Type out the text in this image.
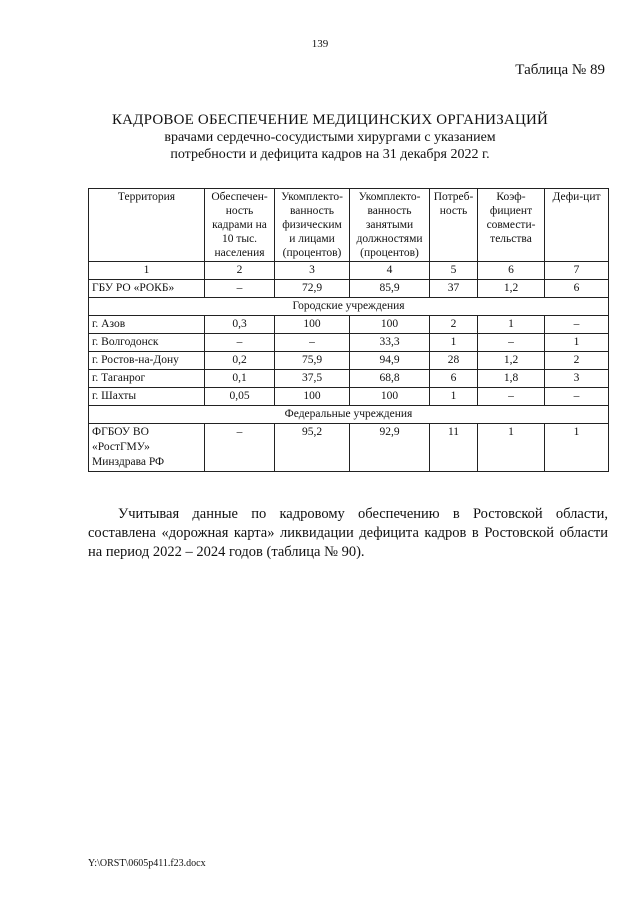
139
Таблица № 89
КАДРОВОЕ ОБЕСПЕЧЕНИЕ МЕДИЦИНСКИХ ОРГАНИЗАЦИЙ
врачами сердечно-сосудистыми хирургами с указанием
потребности и дефицита кадров на 31 декабря 2022 г.
Территория	Обеспечен-ность кадрами на 10 тыс. населения	Укомплекто-ванность физическим и лицами (процентов)	Укомплекто-ванность занятыми должностями (процентов)	Потреб-ность	Коэф-фициент совмести-тельства	Дефи-цит
1	2	3	4	5	6	7
ГБУ РО «РОКБ»	–	72,9	85,9	37	1,2	6
Городские учреждения						
г. Азов	0,3	100	100	2	1	–
г. Волгодонск	–	–	33,3	1	–	1
г. Ростов-на-Дону	0,2	75,9	94,9	28	1,2	2
г. Таганрог	0,1	37,5	68,8	6	1,8	3
г. Шахты	0,05	100	100	1	–	–
Федеральные учреждения						
ФГБОУ ВО «РостГМУ» Минздрава РФ	–	95,2	92,9	11	1	1

Учитывая данные по кадровому обеспечению в Ростовской области, составлена «дорожная карта» ликвидации дефицита кадров в Ростовской области на период 2022 – 2024 годов (таблица № 90).

Y:\ORST\0605p411.f23.docx
